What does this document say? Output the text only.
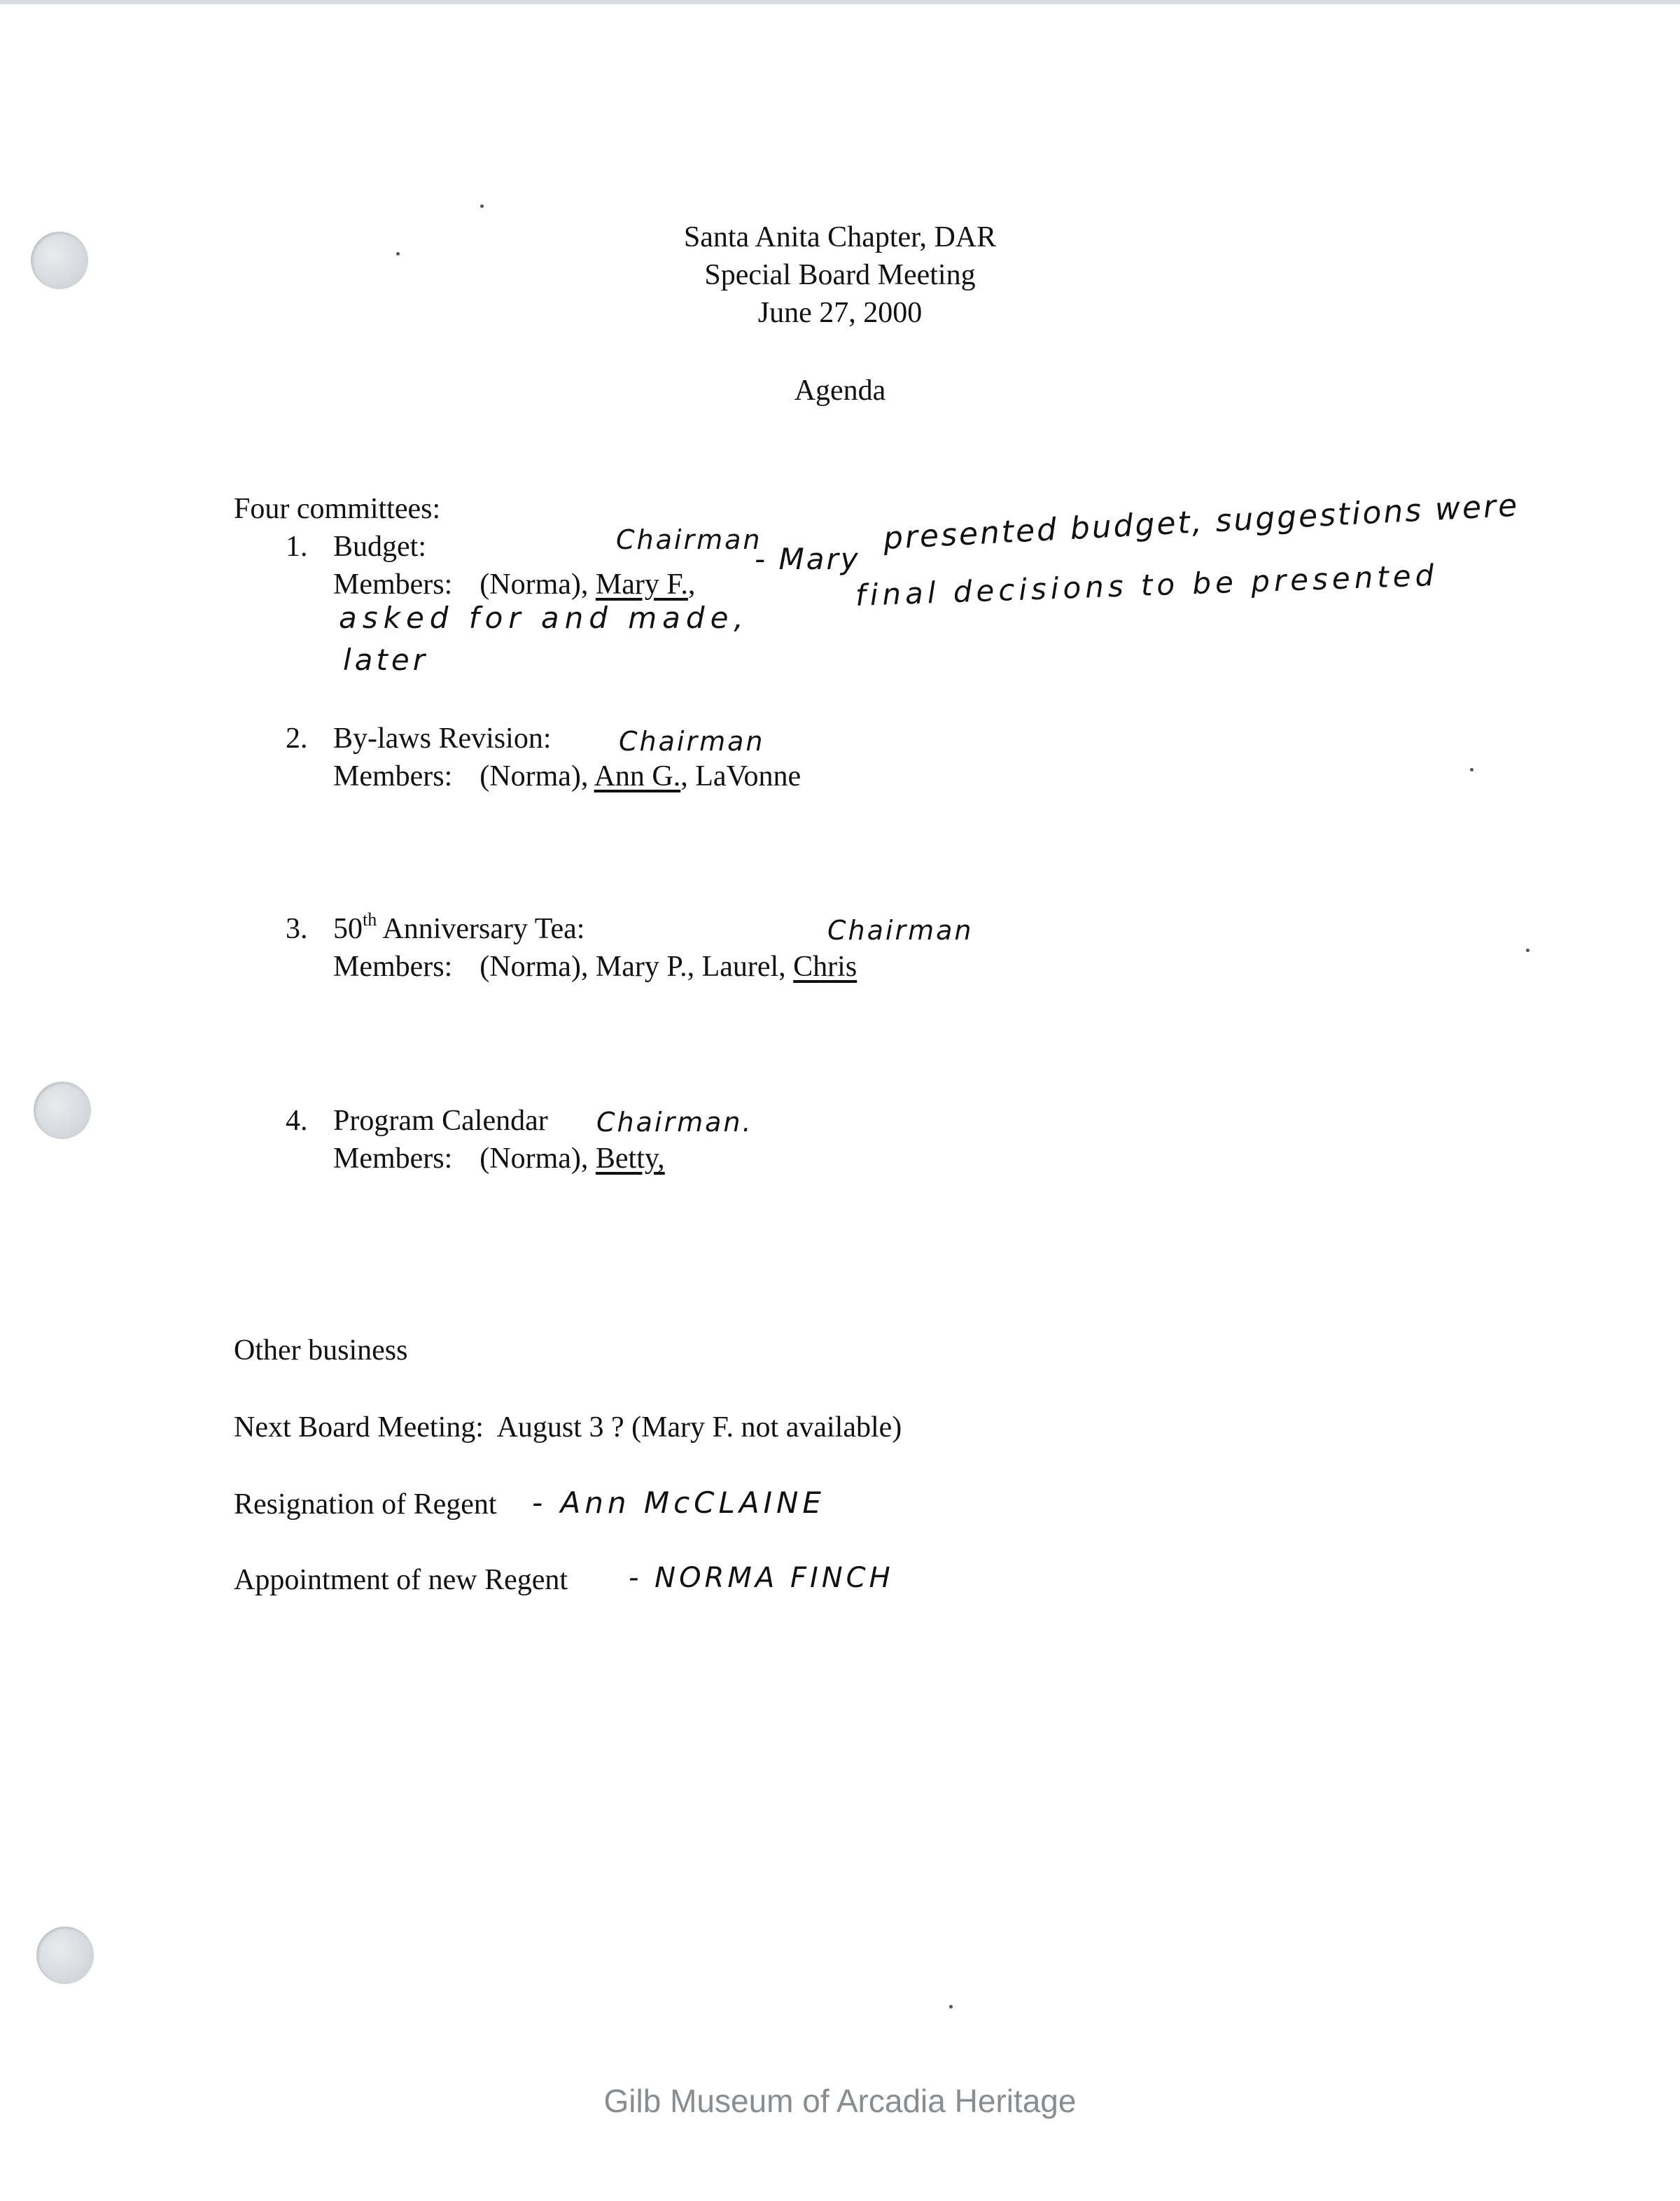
Santa Anita Chapter, DAR
Special Board Meeting
June 27, 2000
Agenda
Four committees:
1. Budget:	Chairman
Members: (Norma), Mary F.,
- Mary
presented budget, suggestions were
asked for and made,
final decisions to be presented
later
2. By-laws Revision:	Chairman
Members: (Norma), Ann G., LaVonne
3. 50th Anniversary Tea:	Chairman
Members: (Norma), Mary P., Laurel, Chris
4. Program Calendar Chairman.
Members: (Norma), Betty,
Other business
Next Board Meeting:  August 3 ? (Mary F. not available)
Resignation of Regent - Ann McCLAINE
Appointment of new Regent - NORMA FINCH
Gilb Museum of Arcadia Heritage
